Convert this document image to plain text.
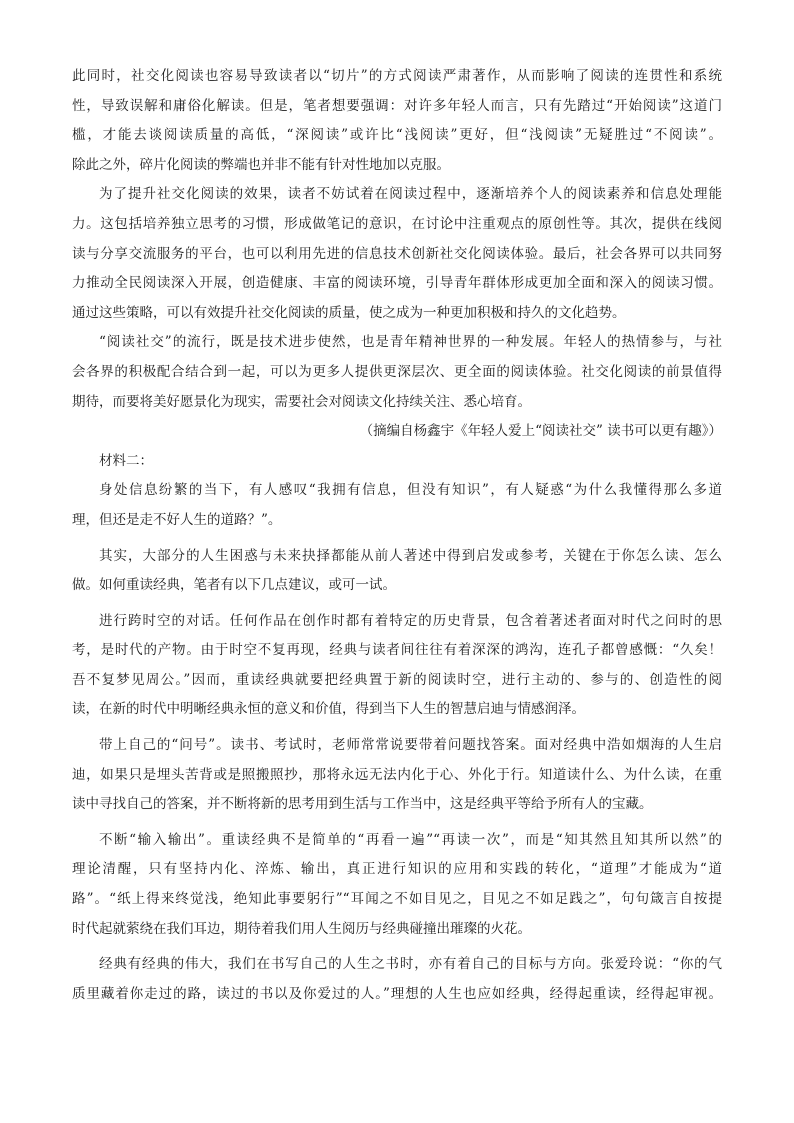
此同时，社交化阅读也容易导致读者以“切片”的方式阅读严肃著作，从而影响了阅读的连贯性和系统
性，导致误解和庸俗化解读。但是，笔者想要强调：对许多年轻人而言，只有先踏过“开始阅读”这道门
槛，才能去谈阅读质量的高低，“深阅读”或许比“浅阅读”更好，但“浅阅读”无疑胜过“不阅读”。
除此之外，碎片化阅读的弊端也并非不能有针对性地加以克服。
为了提升社交化阅读的效果，读者不妨试着在阅读过程中，逐渐培养个人的阅读素养和信息处理能
力。这包括培养独立思考的习惯，形成做笔记的意识，在讨论中注重观点的原创性等。其次，提供在线阅
读与分享交流服务的平台，也可以利用先进的信息技术创新社交化阅读体验。最后，社会各界可以共同努
力推动全民阅读深入开展，创造健康、丰富的阅读环境，引导青年群体形成更加全面和深入的阅读习惯。
通过这些策略，可以有效提升社交化阅读的质量，使之成为一种更加积极和持久的文化趋势。
“阅读社交”的流行，既是技术进步使然，也是青年精神世界的一种发展。年轻人的热情参与，与社
会各界的积极配合结合到一起，可以为更多人提供更深层次、更全面的阅读体验。社交化阅读的前景值得
期待，而要将美好愿景化为现实，需要社会对阅读文化持续关注、悉心培育。
（摘编自杨鑫宇《年轻人爱上“阅读社交” 读书可以更有趣》）
材料二：
身处信息纷繁的当下，有人感叹“我拥有信息，但没有知识”，有人疑惑“为什么我懂得那么多道
理，但还是走不好人生的道路？”。
其实，大部分的人生困惑与未来抉择都能从前人著述中得到启发或参考，关键在于你怎么读、怎么
做。如何重读经典，笔者有以下几点建议，或可一试。
进行跨时空的对话。任何作品在创作时都有着特定的历史背景，包含着著述者面对时代之问时的思
考，是时代的产物。由于时空不复再现，经典与读者间往往有着深深的鸿沟，连孔子都曾感慨：“久矣！
吾不复梦见周公。”因而，重读经典就要把经典置于新的阅读时空，进行主动的、参与的、创造性的阅
读，在新的时代中明晰经典永恒的意义和价值，得到当下人生的智慧启迪与情感润泽。
带上自己的“问号”。读书、考试时，老师常常说要带着问题找答案。面对经典中浩如烟海的人生启
迪，如果只是埋头苦背或是照搬照抄，那将永远无法内化于心、外化于行。知道读什么、为什么读，在重
读中寻找自己的答案，并不断将新的思考用到生活与工作当中，这是经典平等给予所有人的宝藏。
不断“输入输出”。重读经典不是简单的“再看一遍”“再读一次”，而是“知其然且知其所以然”的
理论清醒，只有坚持内化、淬炼、输出，真正进行知识的应用和实践的转化，“道理”才能成为“道
路”。“纸上得来终觉浅，绝知此事要躬行”“耳闻之不如目见之，目见之不如足践之”，句句箴言自按提
时代起就萦绕在我们耳边，期待着我们用人生阅历与经典碰撞出璀璨的火花。
经典有经典的伟大，我们在书写自己的人生之书时，亦有着自己的目标与方向。张爱玲说：“你的气
质里藏着你走过的路，读过的书以及你爱过的人。”理想的人生也应如经典，经得起重读，经得起审视。
